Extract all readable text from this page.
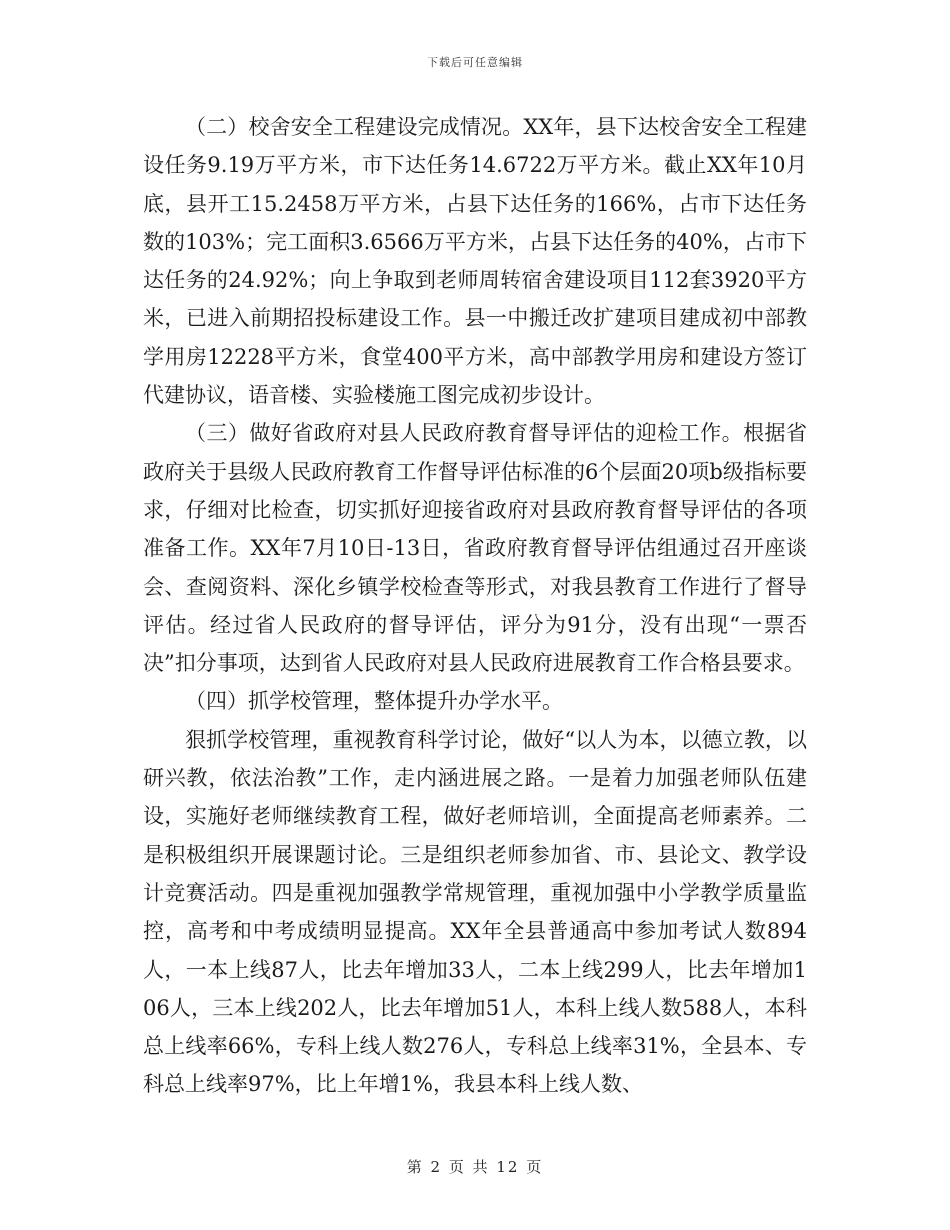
下载后可任意编辑

（二）校舍安全工程建设完成情况。XX年，县下达校舍安全工程建设任务9.19万平方米，市下达任务14.6722万平方米。截止XX年10月底，县开工15.2458万平方米，占县下达任务的166%，占市下达任务数的103%；完工面积3.6566万平方米，占县下达任务的40%，占市下达任务的24.92%；向上争取到老师周转宿舍建设项目112套3920平方米，已进入前期招投标建设工作。县一中搬迁改扩建项目建成初中部教学用房12228平方米，食堂400平方米，高中部教学用房和建设方签订代建协议，语音楼、实验楼施工图完成初步设计。

（三）做好省政府对县人民政府教育督导评估的迎检工作。根据省政府关于县级人民政府教育工作督导评估标准的6个层面20项b级指标要求，仔细对比检查，切实抓好迎接省政府对县政府教育督导评估的各项准备工作。XX年7月10日-13日，省政府教育督导评估组通过召开座谈会、查阅资料、深化乡镇学校检查等形式，对我县教育工作进行了督导评估。经过省人民政府的督导评估，评分为91分，没有出现“一票否决”扣分事项，达到省人民政府对县人民政府进展教育工作合格县要求。

（四）抓学校管理，整体提升办学水平。

狠抓学校管理，重视教育科学讨论，做好“以人为本，以德立教，以研兴教，依法治教”工作，走内涵进展之路。一是着力加强老师队伍建设，实施好老师继续教育工程，做好老师培训，全面提高老师素养。二是积极组织开展课题讨论。三是组织老师参加省、市、县论文、教学设计竞赛活动。四是重视加强教学常规管理，重视加强中小学教学质量监控，高考和中考成绩明显提高。XX年全县普通高中参加考试人数894人，一本上线87人，比去年增加33人，二本上线299人，比去年增加106人，三本上线202人，比去年增加51人，本科上线人数588人，本科总上线率66%，专科上线人数276人，专科总上线率31%，全县本、专科总上线率97%，比上年增1%，我县本科上线人数、

第 2 页 共 12 页
